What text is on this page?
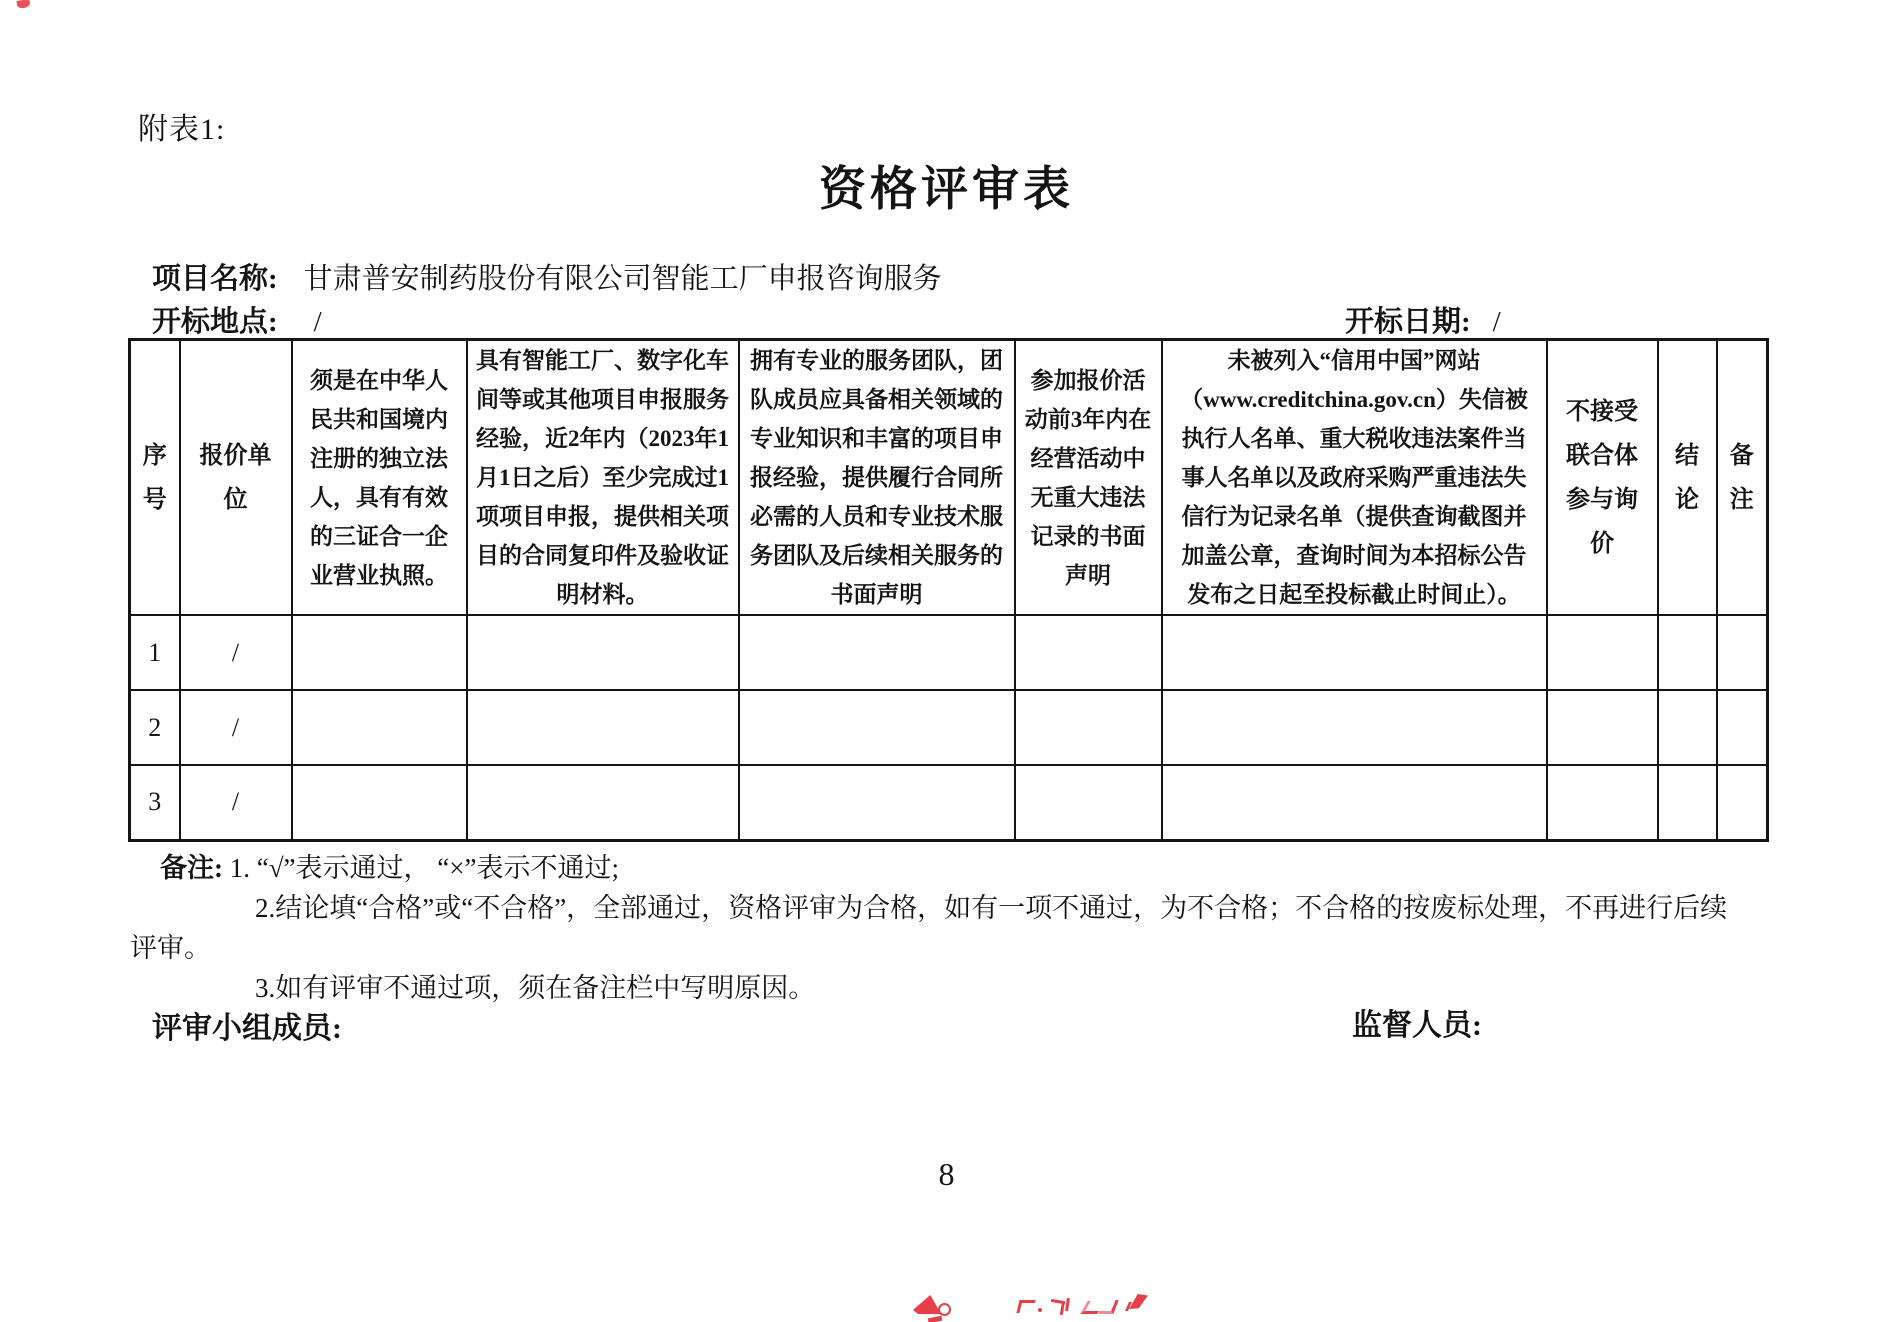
附表1:
资格评审表
项目名称: 甘肃普安制药股份有限公司智能工厂申报咨询服务
开标地点: /	开标日期: /
序号	报价单位	须是在中华人民共和国境内注册的独立法人，具有有效的三证合一企业营业执照。	具有智能工厂、数字化车间等或其他项目申报服务经验，近2年内（2023年1月1日之后）至少完成过1项项目申报，提供相关项目的合同复印件及验收证明材料。	拥有专业的服务团队，团队成员应具备相关领域的专业知识和丰富的项目申报经验，提供履行合同所必需的人员和专业技术服务团队及后续相关服务的书面声明	参加报价活动前3年内在经营活动中无重大违法记录的书面声明	未被列入“信用中国”网站（www.creditchina.gov.cn）失信被执行人名单、重大税收违法案件当事人名单以及政府采购严重违法失信行为记录名单（提供查询截图并加盖公章，查询时间为本招标公告发布之日起至投标截止时间止）。	不接受联合体参与询价	结论	备注
1	/								
2	/								
3	/								
备注: 1. “√”表示通过， “×”表示不通过;
2.结论填“合格”或“不合格”，全部通过，资格评审为合格，如有一项不通过，为不合格；不合格的按废标处理，不再进行后续
评审。
3.如有评审不通过项，须在备注栏中写明原因。
评审小组成员:	监督人员:
8
